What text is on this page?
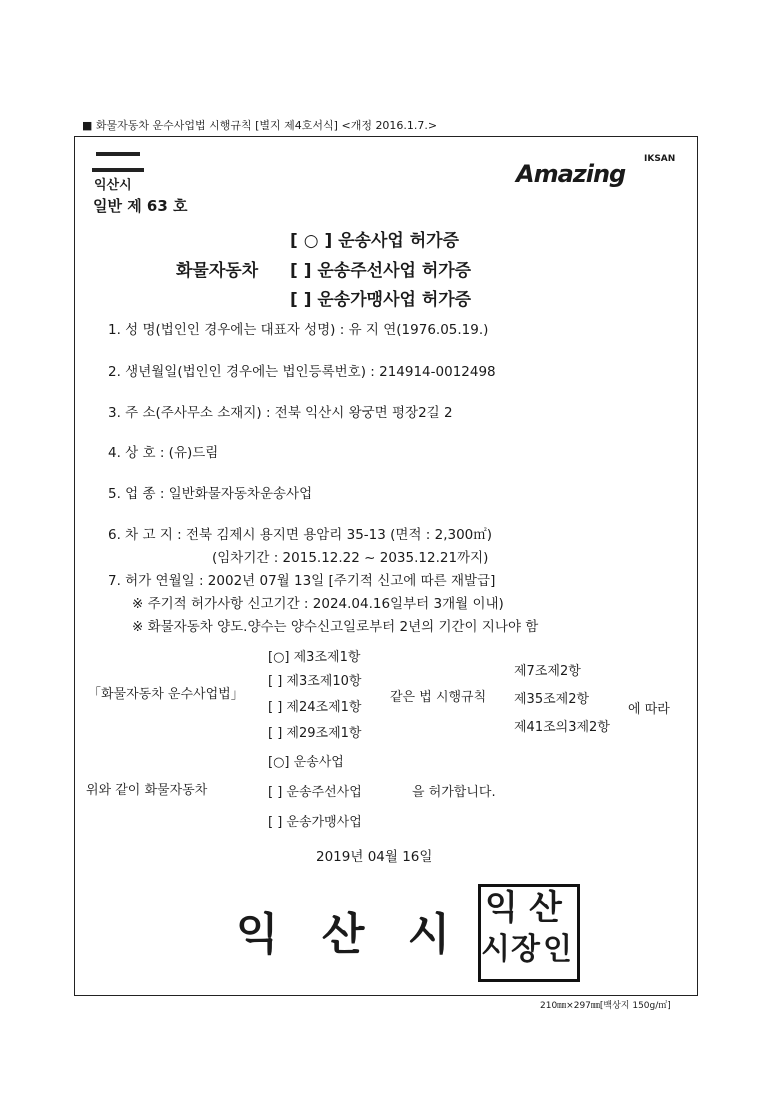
■ 화물자동차 운수사업법 시행규칙 [별지 제4호서식] <개정 2016.1.7.>
익산시	Amazing
IKSAN
일반 제 63 호
[ ○ ] 운송사업 허가증
화물자동차 [ ] 운송주선사업 허가증
[ ] 운송가맹사업 허가증
1. 성 명(법인인 경우에는 대표자 성명) : 유 지 연(1976.05.19.)
2. 생년월일(법인인 경우에는 법인등록번호) : 214914-0012498
3. 주 소(주사무소 소재지) : 전북 익산시 왕궁면 평장2길 2
4. 상 호 : (유)드림
5. 업 종 : 일반화물자동차운송사업
6. 차 고 지 : 전북 김제시 용지면 용암리 35-13 (면적 : 2,300㎡)
(임차기간 : 2015.12.22 ~ 2035.12.21까지)
7. 허가 연월일 : 2002년 07월 13일 [주기적 신고에 따른 재발급]
※ 주기적 허가사항 신고기간 : 2024.04.16일부터 3개월 이내)
※ 화물자동차 양도.양수는 양수신고일로부터 2년의 기간이 지나야 함
「화물자동차 운수사업법」
[○] 제3조제1항
[ ] 제3조제10항
[ ] 제24조제1항
[ ] 제29조제1항
같은 법 시행규칙
제7조제2항
제35조제2항
제41조의3제2항
에 따라
위와 같이 화물자동차
[○] 운송사업
[ ] 운송주선사업
[ ] 운송가맹사업
을 허가합니다.
2019년 04월 16일
익 산 시
익 산
시 장 인
210㎜×297㎜[백상지 150g/㎡]
